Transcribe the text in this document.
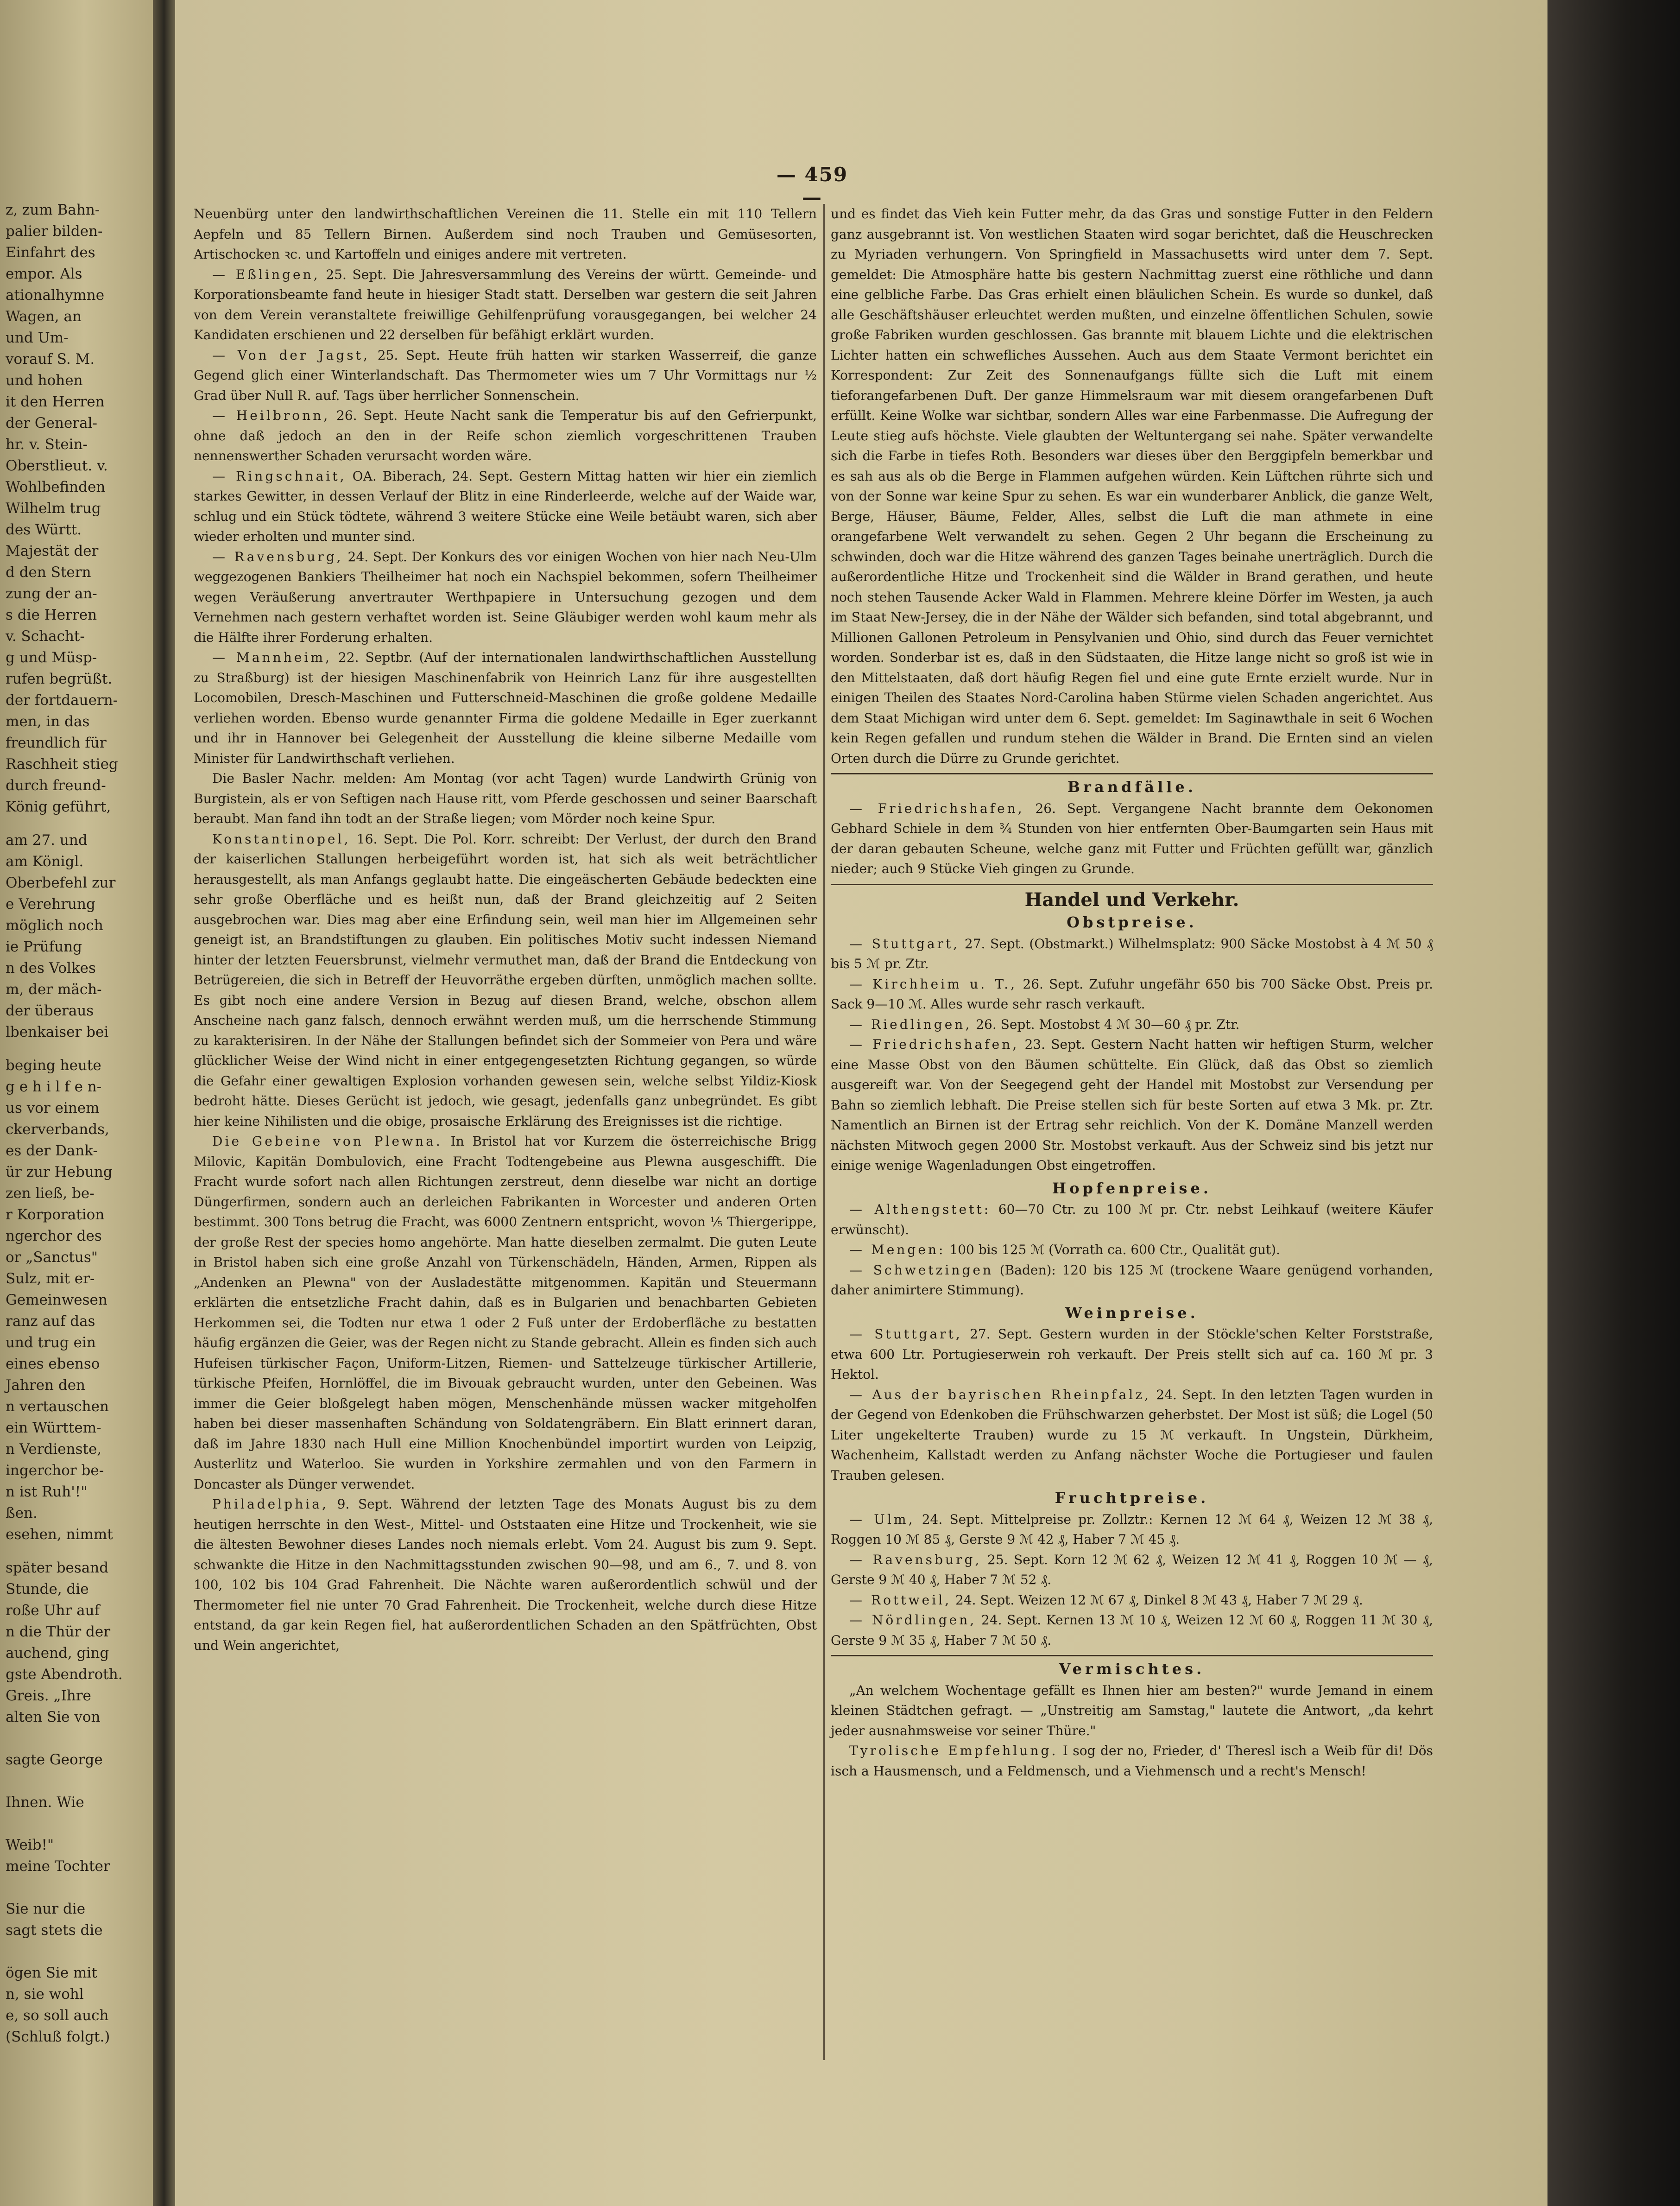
z, zum Bahn-
palier bilden-
Einfahrt des
empor. Als
ationalhymne
Wagen, an
und Um-
vorauf S. M.
und hohen
it den Herren
der General-
hr. v. Stein-
Oberstlieut. v.
Wohlbefinden
Wilhelm trug
des Württ.
Majestät der
d den Stern
zung der an-
s die Herren
v. Schacht-
g und Müsp-
rufen begrüßt.
der fortdauern-
men, in das
freundlich für
Raschheit stieg
durch freund-
König geführt,
am 27. und
am Königl.
Oberbefehl zur
e Verehrung
möglich noch
ie Prüfung
n des Volkes
m, der mäch-
der überaus
lbenkaiser bei
beging heute
g e h i l f e n-
us vor einem
ckerverbands,
es der Dank-
ür zur Hebung
zen ließ, be-
r Korporation
ngerchor des
or „Sanctus"
Sulz, mit er-
Gemeinwesen
ranz auf das
und trug ein
eines ebenso
Jahren den
n vertauschen
ein Württem-
n Verdienste,
ingerchor be-
n ist Ruh'!"
ßen.
esehen, nimmt
später besand
Stunde, die
roße Uhr auf
n die Thür der
auchend, ging
gste Abendroth.
Greis. „Ihre
alten Sie von
sagte George
Ihnen. Wie
Weib!"
meine Tochter
Sie nur die
sagt stets die
ögen Sie mit
n, sie wohl
e, so soll auch
(Schluß folgt.)
— 459 —

Neuenbürg unter den landwirthschaftlichen Vereinen die 11. Stelle ein mit 110 Tellern Aepfeln und 85 Tellern Birnen. Außerdem sind noch Trauben und Gemüsesorten, Artischocken ꝛc. und Kartoffeln und einiges andere mit vertreten.

— Eßlingen, 25. Sept. Die Jahresversammlung des Vereins der württ. Gemeinde- und Korporationsbeamte fand heute in hiesiger Stadt statt. Derselben war gestern die seit Jahren von dem Verein veranstaltete freiwillige Gehilfenprüfung vorausgegangen, bei welcher 24 Kandidaten erschienen und 22 derselben für befähigt erklärt wurden.

— Von der Jagst, 25. Sept. Heute früh hatten wir starken Wasserreif, die ganze Gegend glich einer Winterlandschaft. Das Thermometer wies um 7 Uhr Vormittags nur ½ Grad über Null R. auf. Tags über herrlicher Sonnenschein.

— Heilbronn, 26. Sept. Heute Nacht sank die Temperatur bis auf den Gefrierpunkt, ohne daß jedoch an den in der Reife schon ziemlich vorgeschrittenen Trauben nennenswerther Schaden verursacht worden wäre.

— Ringschnait, OA. Biberach, 24. Sept. Gestern Mittag hatten wir hier ein ziemlich starkes Gewitter, in dessen Verlauf der Blitz in eine Rinderleerde, welche auf der Waide war, schlug und ein Stück tödtete, während 3 weitere Stücke eine Weile betäubt waren, sich aber wieder erholten und munter sind.

— Ravensburg, 24. Sept. Der Konkurs des vor einigen Wochen von hier nach Neu-Ulm weggezogenen Bankiers Theilheimer hat noch ein Nachspiel bekommen, sofern Theilheimer wegen Veräußerung anvertrauter Werthpapiere in Untersuchung gezogen und dem Vernehmen nach gestern verhaftet worden ist. Seine Gläubiger werden wohl kaum mehr als die Hälfte ihrer Forderung erhalten.

— Mannheim, 22. Septbr. (Auf der internationalen landwirthschaftlichen Ausstellung zu Straßburg) ist der hiesigen Maschinenfabrik von Heinrich Lanz für ihre ausgestellten Locomobilen, Dresch-Maschinen und Futterschneid-Maschinen die große goldene Medaille verliehen worden. Ebenso wurde genannter Firma die goldene Medaille in Eger zuerkannt und ihr in Hannover bei Gelegenheit der Ausstellung die kleine silberne Medaille vom Minister für Landwirthschaft verliehen.

Die Basler Nachr. melden: Am Montag (vor acht Tagen) wurde Landwirth Grünig von Burgistein, als er von Seftigen nach Hause ritt, vom Pferde geschossen und seiner Baarschaft beraubt. Man fand ihn todt an der Straße liegen; vom Mörder noch keine Spur.

Konstantinopel, 16. Sept. Die Pol. Korr. schreibt: Der Verlust, der durch den Brand der kaiserlichen Stallungen herbeigeführt worden ist, hat sich als weit beträchtlicher herausgestellt, als man Anfangs geglaubt hatte. Die eingeäscherten Gebäude bedeckten eine sehr große Oberfläche und es heißt nun, daß der Brand gleichzeitig auf 2 Seiten ausgebrochen war. Dies mag aber eine Erfindung sein, weil man hier im Allgemeinen sehr geneigt ist, an Brandstiftungen zu glauben. Ein politisches Motiv sucht indessen Niemand hinter der letzten Feuersbrunst, vielmehr vermuthet man, daß der Brand die Entdeckung von Betrügereien, die sich in Betreff der Heuvorräthe ergeben dürften, unmöglich machen sollte. Es gibt noch eine andere Version in Bezug auf diesen Brand, welche, obschon allem Anscheine nach ganz falsch, dennoch erwähnt werden muß, um die herrschende Stimmung zu karakterisiren. In der Nähe der Stallungen befindet sich der Sommeier von Pera und wäre glücklicher Weise der Wind nicht in einer entgegengesetzten Richtung gegangen, so würde die Gefahr einer gewaltigen Explosion vorhanden gewesen sein, welche selbst Yildiz-Kiosk bedroht hätte. Dieses Gerücht ist jedoch, wie gesagt, jedenfalls ganz unbegründet. Es gibt hier keine Nihilisten und die obige, prosaische Erklärung des Ereignisses ist die richtige.

Die Gebeine von Plewna. In Bristol hat vor Kurzem die österreichische Brigg Milovic, Kapitän Dombulovich, eine Fracht Todtengebeine aus Plewna ausgeschifft. Die Fracht wurde sofort nach allen Richtungen zerstreut, denn dieselbe war nicht an dortige Düngerfirmen, sondern auch an derleichen Fabrikanten in Worcester und anderen Orten bestimmt. 300 Tons betrug die Fracht, was 6000 Zentnern entspricht, wovon ⅕ Thiergerippe, der große Rest der species homo angehörte. Man hatte dieselben zermalmt. Die guten Leute in Bristol haben sich eine große Anzahl von Türkenschädeln, Händen, Armen, Rippen als „Andenken an Plewna" von der Ausladestätte mitgenommen. Kapitän und Steuermann erklärten die entsetzliche Fracht dahin, daß es in Bulgarien und benachbarten Gebieten Herkommen sei, die Todten nur etwa 1 oder 2 Fuß unter der Erdoberfläche zu bestatten häufig ergänzen die Geier, was der Regen nicht zu Stande gebracht. Allein es finden sich auch Hufeisen türkischer Façon, Uniform-Litzen, Riemen- und Sattelzeuge türkischer Artillerie, türkische Pfeifen, Hornlöffel, die im Bivouak gebraucht wurden, unter den Gebeinen. Was immer die Geier bloßgelegt haben mögen, Menschenhände müssen wacker mitgeholfen haben bei dieser massenhaften Schändung von Soldatengräbern. Ein Blatt erinnert daran, daß im Jahre 1830 nach Hull eine Million Knochenbündel importirt wurden von Leipzig, Austerlitz und Waterloo. Sie wurden in Yorkshire zermahlen und von den Farmern in Doncaster als Dünger verwendet.

Philadelphia, 9. Sept. Während der letzten Tage des Monats August bis zu dem heutigen herrschte in den West-, Mittel- und Oststaaten eine Hitze und Trockenheit, wie sie die ältesten Bewohner dieses Landes noch niemals erlebt. Vom 24. August bis zum 9. Sept. schwankte die Hitze in den Nachmittagsstunden zwischen 90—98, und am 6., 7. und 8. von 100, 102 bis 104 Grad Fahrenheit. Die Nächte waren außerordentlich schwül und der Thermometer fiel nie unter 70 Grad Fahrenheit. Die Trockenheit, welche durch diese Hitze entstand, da gar kein Regen fiel, hat außerordentlichen Schaden an den Spätfrüchten, Obst und Wein angerichtet,

und es findet das Vieh kein Futter mehr, da das Gras und sonstige Futter in den Feldern ganz ausgebrannt ist. Von westlichen Staaten wird sogar berichtet, daß die Heuschrecken zu Myriaden verhungern. Von Springfield in Massachusetts wird unter dem 7. Sept. gemeldet: Die Atmosphäre hatte bis gestern Nachmittag zuerst eine röthliche und dann eine gelbliche Farbe. Das Gras erhielt einen bläulichen Schein. Es wurde so dunkel, daß alle Geschäftshäuser erleuchtet werden mußten, und einzelne öffentlichen Schulen, sowie große Fabriken wurden geschlossen. Gas brannte mit blauem Lichte und die elektrischen Lichter hatten ein schwefliches Aussehen. Auch aus dem Staate Vermont berichtet ein Korrespondent: Zur Zeit des Sonnenaufgangs füllte sich die Luft mit einem tieforangefarbenen Duft. Der ganze Himmelsraum war mit diesem orangefarbenen Duft erfüllt. Keine Wolke war sichtbar, sondern Alles war eine Farbenmasse. Die Aufregung der Leute stieg aufs höchste. Viele glaubten der Weltuntergang sei nahe. Später verwandelte sich die Farbe in tiefes Roth. Besonders war dieses über den Berggipfeln bemerkbar und es sah aus als ob die Berge in Flammen aufgehen würden. Kein Lüftchen rührte sich und von der Sonne war keine Spur zu sehen. Es war ein wunderbarer Anblick, die ganze Welt, Berge, Häuser, Bäume, Felder, Alles, selbst die Luft die man athmete in eine orangefarbene Welt verwandelt zu sehen. Gegen 2 Uhr begann die Erscheinung zu schwinden, doch war die Hitze während des ganzen Tages beinahe unerträglich. Durch die außerordentliche Hitze und Trockenheit sind die Wälder in Brand gerathen, und heute noch stehen Tausende Acker Wald in Flammen. Mehrere kleine Dörfer im Westen, ja auch im Staat New-Jersey, die in der Nähe der Wälder sich befanden, sind total abgebrannt, und Millionen Gallonen Petroleum in Pensylvanien und Ohio, sind durch das Feuer vernichtet worden. Sonderbar ist es, daß in den Südstaaten, die Hitze lange nicht so groß ist wie in den Mittelstaaten, daß dort häufig Regen fiel und eine gute Ernte erzielt wurde. Nur in einigen Theilen des Staates Nord-Carolina haben Stürme vielen Schaden angerichtet. Aus dem Staat Michigan wird unter dem 6. Sept. gemeldet: Im Saginawthale in seit 6 Wochen kein Regen gefallen und rundum stehen die Wälder in Brand. Die Ernten sind an vielen Orten durch die Dürre zu Grunde gerichtet.

Brandfälle.

— Friedrichshafen, 26. Sept. Vergangene Nacht brannte dem Oekonomen Gebhard Schiele in dem ¾ Stunden von hier entfernten Ober-Baumgarten sein Haus mit der daran gebauten Scheune, welche ganz mit Futter und Früchten gefüllt war, gänzlich nieder; auch 9 Stücke Vieh gingen zu Grunde.

Handel und Verkehr.
Obstpreise.

— Stuttgart, 27. Sept. (Obstmarkt.) Wilhelmsplatz: 900 Säcke Mostobst à 4 ℳ 50 ₰ bis 5 ℳ pr. Ztr.

— Kirchheim u. T., 26. Sept. Zufuhr ungefähr 650 bis 700 Säcke Obst. Preis pr. Sack 9—10 ℳ. Alles wurde sehr rasch verkauft.

— Riedlingen, 26. Sept. Mostobst 4 ℳ 30—60 ₰ pr. Ztr.

— Friedrichshafen, 23. Sept. Gestern Nacht hatten wir heftigen Sturm, welcher eine Masse Obst von den Bäumen schüttelte. Ein Glück, daß das Obst so ziemlich ausgereift war. Von der Seegegend geht der Handel mit Mostobst zur Versendung per Bahn so ziemlich lebhaft. Die Preise stellen sich für beste Sorten auf etwa 3 Mk. pr. Ztr. Namentlich an Birnen ist der Ertrag sehr reichlich. Von der K. Domäne Manzell werden nächsten Mitwoch gegen 2000 Str. Mostobst verkauft. Aus der Schweiz sind bis jetzt nur einige wenige Wagenladungen Obst eingetroffen.

Hopfenpreise.

— Althengstett: 60—70 Ctr. zu 100 ℳ pr. Ctr. nebst Leihkauf (weitere Käufer erwünscht).

— Mengen: 100 bis 125 ℳ (Vorrath ca. 600 Ctr., Qualität gut).

— Schwetzingen (Baden): 120 bis 125 ℳ (trockene Waare genügend vorhanden, daher animirtere Stimmung).

Weinpreise.

— Stuttgart, 27. Sept. Gestern wurden in der Stöckle'schen Kelter Forststraße, etwa 600 Ltr. Portugieserwein roh verkauft. Der Preis stellt sich auf ca. 160 ℳ pr. 3 Hektol.

— Aus der bayrischen Rheinpfalz, 24. Sept. In den letzten Tagen wurden in der Gegend von Edenkoben die Frühschwarzen geherbstet. Der Most ist süß; die Logel (50 Liter ungekelterte Trauben) wurde zu 15 ℳ verkauft. In Ungstein, Dürkheim, Wachenheim, Kallstadt werden zu Anfang nächster Woche die Portugieser und faulen Trauben gelesen.

Fruchtpreise.

— Ulm, 24. Sept. Mittelpreise pr. Zollztr.: Kernen 12 ℳ 64 ₰, Weizen 12 ℳ 38 ₰, Roggen 10 ℳ 85 ₰, Gerste 9 ℳ 42 ₰, Haber 7 ℳ 45 ₰.

— Ravensburg, 25. Sept. Korn 12 ℳ 62 ₰, Weizen 12 ℳ 41 ₰, Roggen 10 ℳ — ₰, Gerste 9 ℳ 40 ₰, Haber 7 ℳ 52 ₰.

— Rottweil, 24. Sept. Weizen 12 ℳ 67 ₰, Dinkel 8 ℳ 43 ₰, Haber 7 ℳ 29 ₰.

— Nördlingen, 24. Sept. Kernen 13 ℳ 10 ₰, Weizen 12 ℳ 60 ₰, Roggen 11 ℳ 30 ₰, Gerste 9 ℳ 35 ₰, Haber 7 ℳ 50 ₰.

Vermischtes.

„An welchem Wochentage gefällt es Ihnen hier am besten?" wurde Jemand in einem kleinen Städtchen gefragt. — „Unstreitig am Samstag," lautete die Antwort, „da kehrt jeder ausnahmsweise vor seiner Thüre."

Tyrolische Empfehlung. I sog der no, Frieder, d' Theresl isch a Weib für di! Dös isch a Hausmensch, und a Feldmensch, und a Viehmensch und a recht's Mensch!
